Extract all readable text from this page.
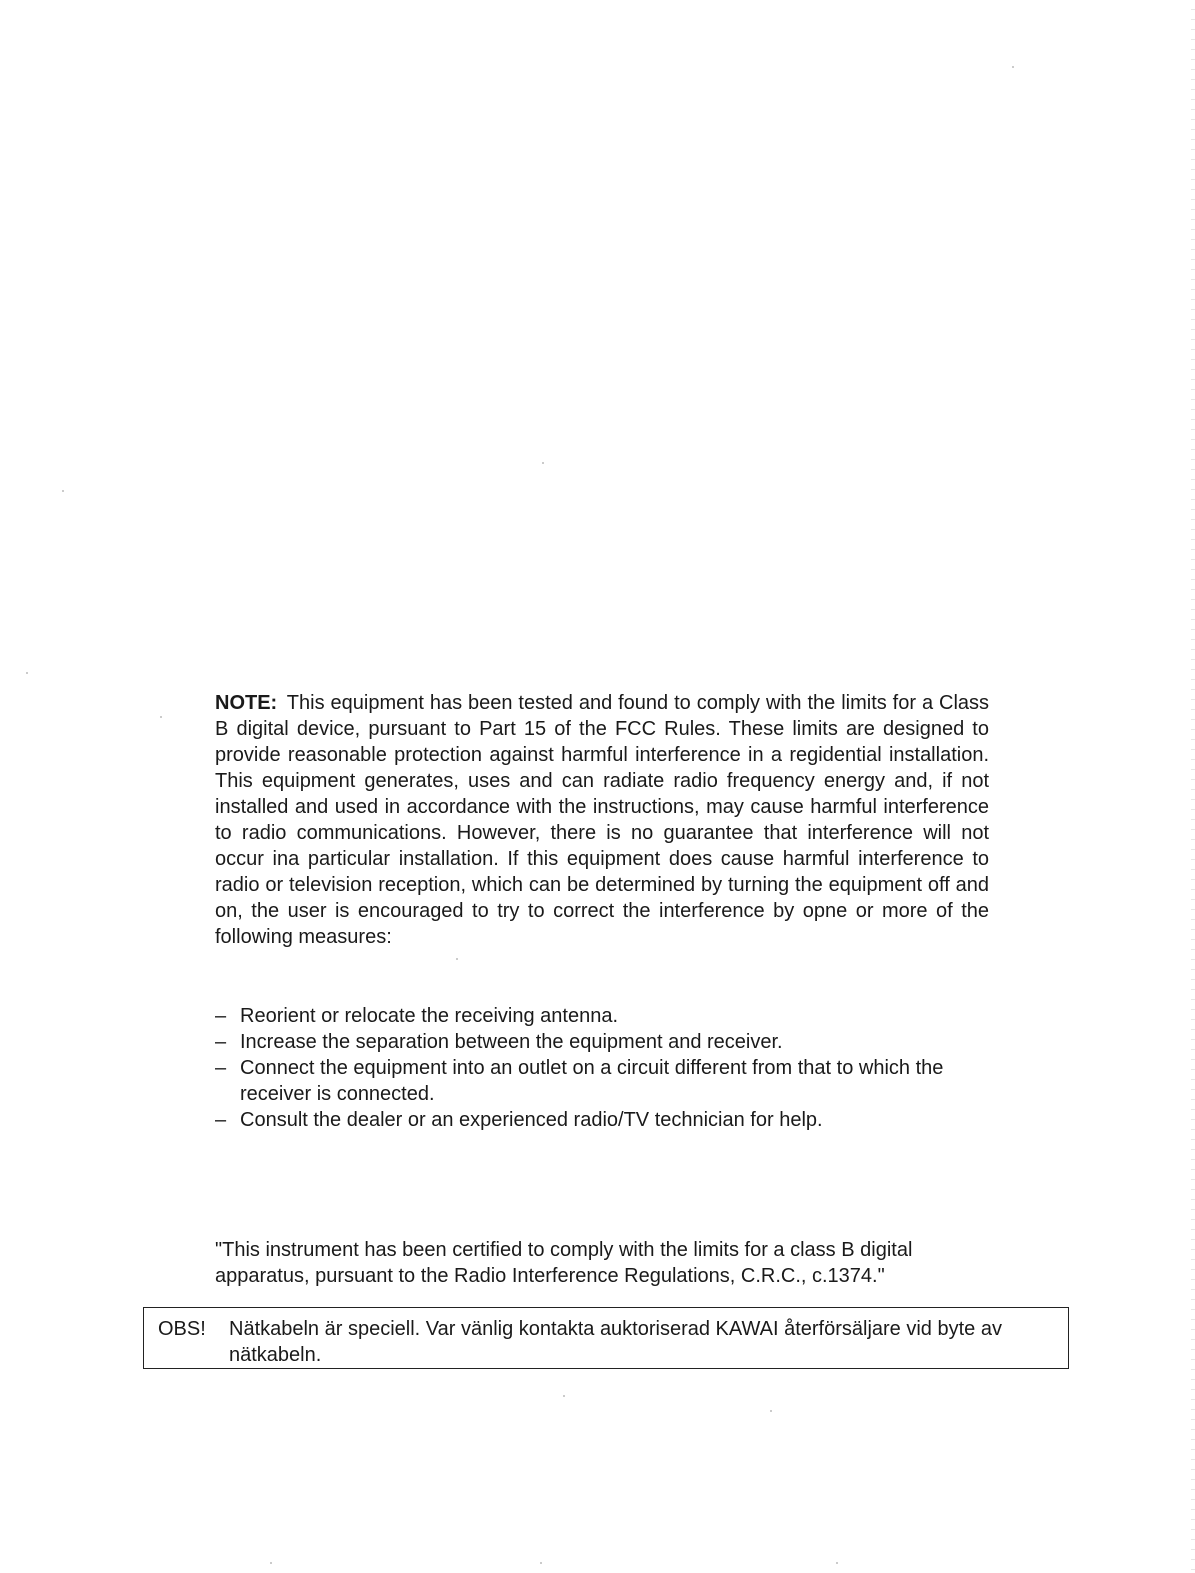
NOTE: This equipment has been tested and found to comply with the limits for a Class B digital device, pursuant to Part 15 of the FCC Rules. These limits are designed to provide reasonable protection against harmful interference in a regidential installation. This equipment generates, uses and can radiate radio frequency energy and, if not installed and used in accordance with the instructions, may cause harmful interference to radio communications. However, there is no guarantee that interference will not occur ina particular installation. If this equipment does cause harmful interference to radio or television reception, which can be determined by turning the equipment off and on, the user is encouraged to try to correct the interference by opne or more of the following measures:

– Reorient or relocate the receiving antenna.
– Increase the separation between the equipment and receiver.
– Connect the equipment into an outlet on a circuit different from that to which the receiver is connected.
– Consult the dealer or an experienced radio/TV technician for help.

"This instrument has been certified to comply with the limits for a class B digital apparatus, pursuant to the Radio Interference Regulations, C.R.C., c.1374."

OBS! Nätkabeln är speciell. Var vänlig kontakta auktoriserad KAWAI återförsäljare vid byte av nätkabeln.
